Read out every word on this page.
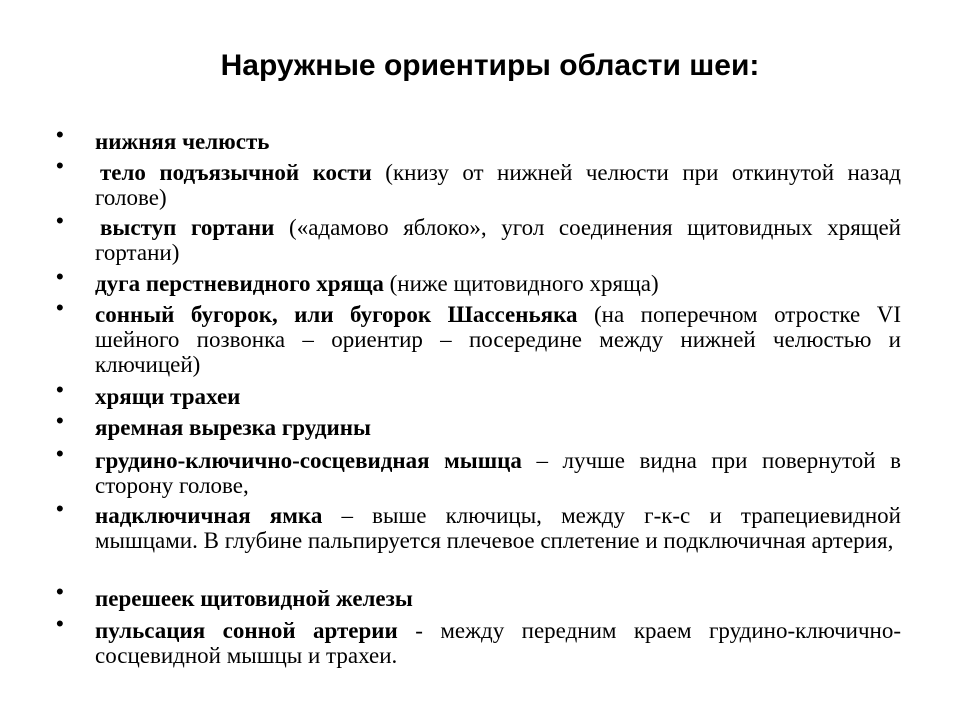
Наружные ориентиры области шеи:
• нижняя челюсть
• тело подъязычной кости (книзу от нижней челюсти при откинутой назад голове)
• выступ гортани («адамово яблоко», угол соединения щитовидных хрящей гортани)
• дуга перстневидного хряща (ниже щитовидного хряща)
• сонный бугорок, или бугорок Шассеньяка (на поперечном отростке VI шейного позвонка – ориентир – посередине между нижней челюстью и ключицей)
• хрящи трахеи
• яремная вырезка грудины
• грудино-ключично-сосцевидная мышца – лучше видна при повернутой в сторону голове,
• надключичная ямка – выше ключицы, между г-к-с и трапециевидной мышцами. В глубине пальпируется плечевое сплетение и подключичная артерия,
• перешеек щитовидной железы
• пульсация сонной артерии - между передним краем грудино-ключично-сосцевидной мышцы и трахеи.
